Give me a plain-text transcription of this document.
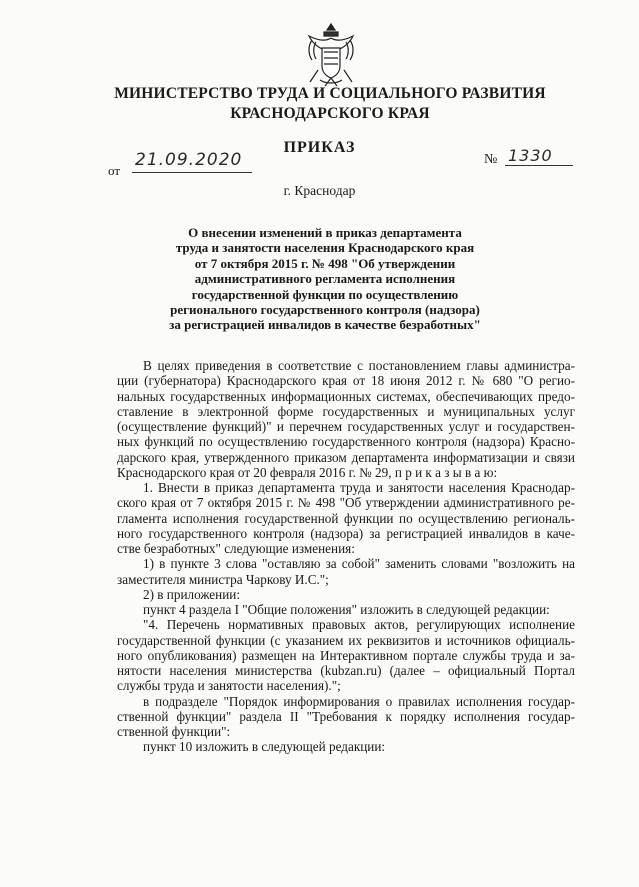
МИНИСТЕРСТВО ТРУДА И СОЦИАЛЬНОГО РАЗВИТИЯ
КРАСНОДАРСКОГО КРАЯ
ПРИКАЗ
от
21.09.2020	№ 1330
г. Краснодар
О внесении изменений в приказ департамента
труда и занятости населения Краснодарского края
от 7 октября 2015 г. № 498 "Об утверждении
административного регламента исполнения
государственной функции по осуществлению
регионального государственного контроля (надзора)
за регистрацией инвалидов в качестве безработных"
В целях приведения в соответствие с постановлением главы администра-
ции (губернатора) Краснодарского края от 18 июня 2012 г. № 680 "О регио-
нальных государственных информационных системах, обеспечивающих предо-
ставление в электронной форме государственных и муниципальных услуг
(осуществление функций)" и перечнем государственных услуг и государствен-
ных функций по осуществлению государственного контроля (надзора) Красно-
дарского края, утвержденного приказом департамента информатизации и связи
Краснодарского края от 20 февраля 2016 г. № 29, п р и к а з ы в а ю:
1. Внести в приказ департамента труда и занятости населения Краснодар-
ского края от 7 октября 2015 г. № 498 "Об утверждении административного ре-
гламента исполнения государственной функции по осуществлению региональ-
ного государственного контроля (надзора) за регистрацией инвалидов в каче-
стве безработных" следующие изменения:
1) в пункте 3 слова "оставляю за собой" заменить словами "возложить на
заместителя министра Чаркову И.С.";
2) в приложении:
пункт 4 раздела I "Общие положения" изложить в следующей редакции:
"4. Перечень нормативных правовых актов, регулирующих исполнение
государственной функции (с указанием их реквизитов и источников официаль-
ного опубликования) размещен на Интерактивном портале службы труда и за-
нятости населения министерства (kubzan.ru) (далее – официальный Портал
службы труда и занятости населения).";
в подразделе "Порядок информирования о правилах исполнения государ-
ственной функции" раздела II "Требования к порядку исполнения государ-
ственной функции":
пункт 10 изложить в следующей редакции:
